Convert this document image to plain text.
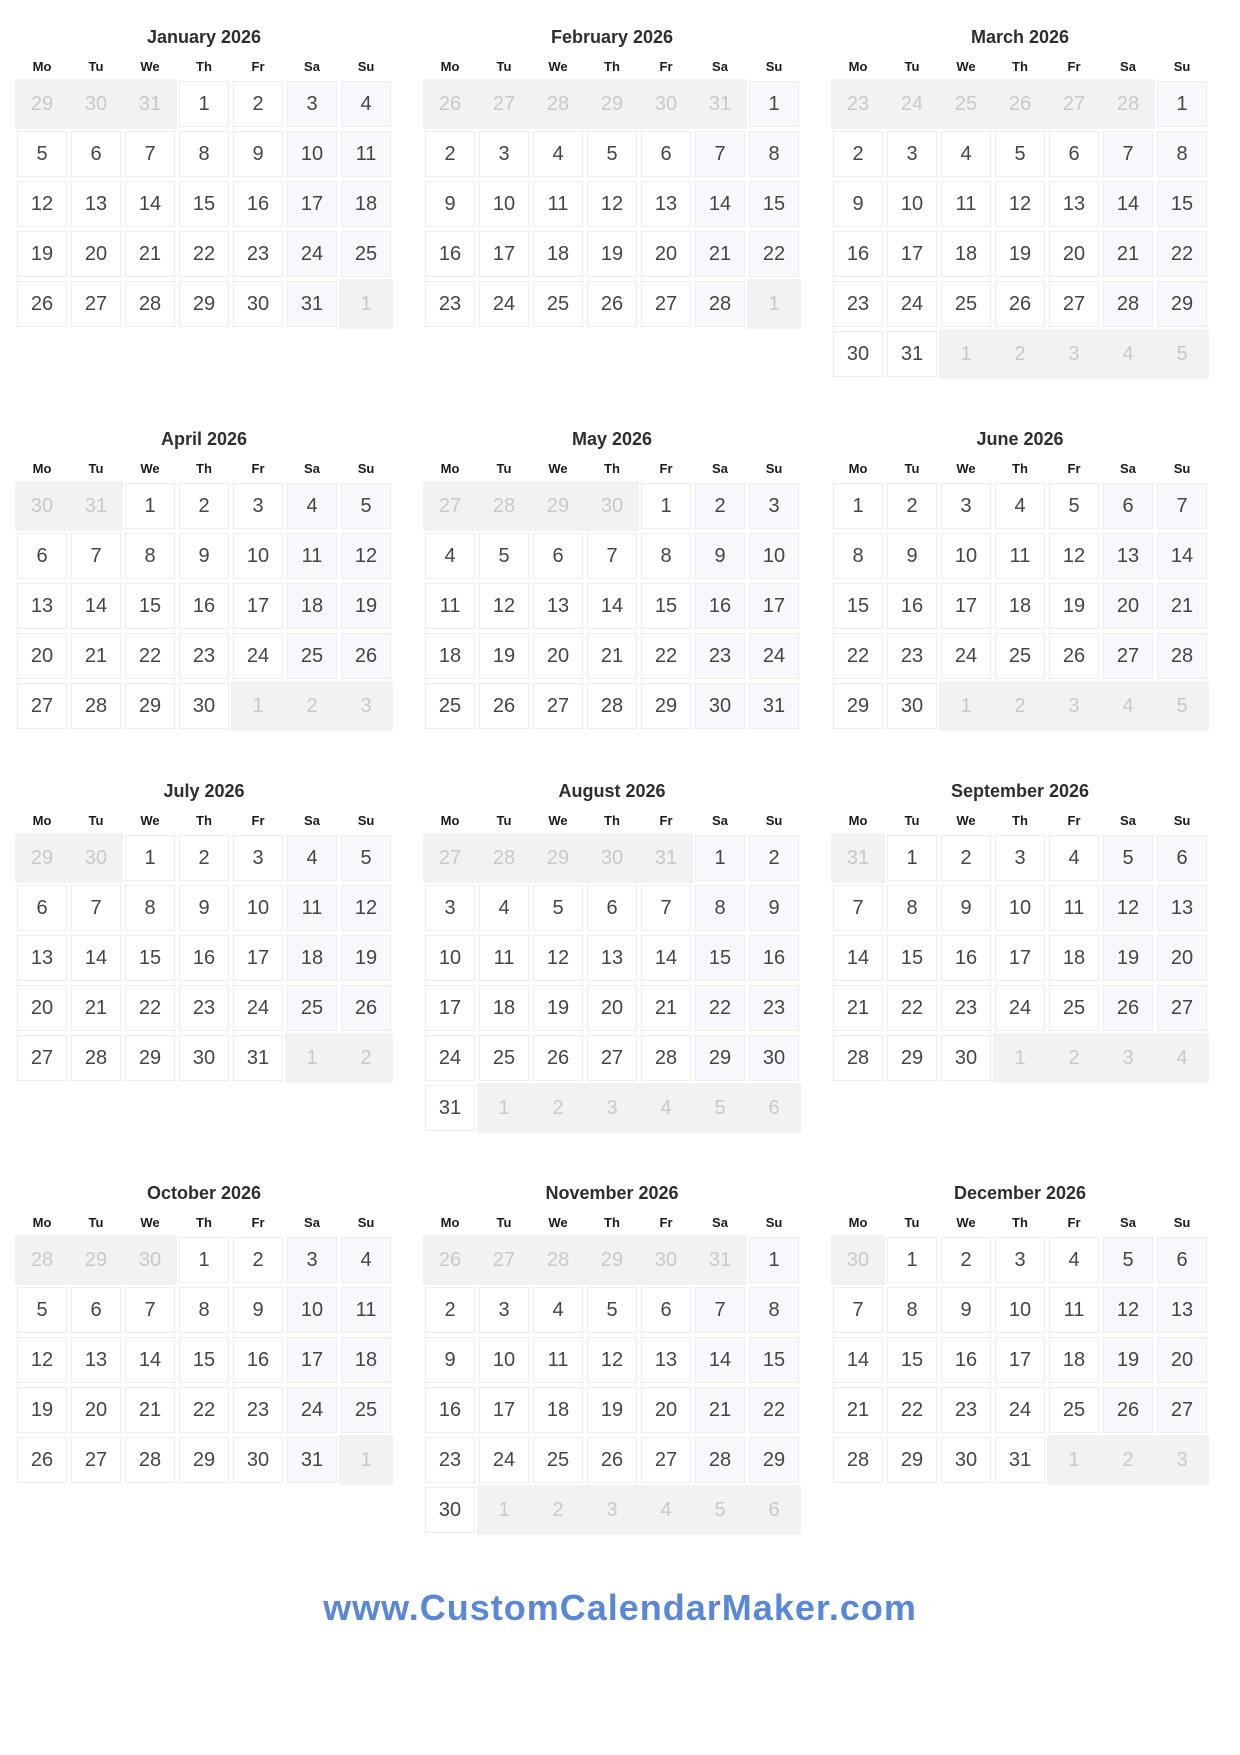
January 2026
Mo	Tu	We	Th	Fr	Sa	Su
29	30	31	1	2	3	4
5	6	7	8	9	10	11
12	13	14	15	16	17	18
19	20	21	22	23	24	25
26	27	28	29	30	31	1
February 2026
Mo	Tu	We	Th	Fr	Sa	Su
26	27	28	29	30	31	1
2	3	4	5	6	7	8
9	10	11	12	13	14	15
16	17	18	19	20	21	22
23	24	25	26	27	28	1
March 2026
Mo	Tu	We	Th	Fr	Sa	Su
23	24	25	26	27	28	1
2	3	4	5	6	7	8
9	10	11	12	13	14	15
16	17	18	19	20	21	22
23	24	25	26	27	28	29
30	31	1	2	3	4	5
April 2026
Mo	Tu	We	Th	Fr	Sa	Su
30	31	1	2	3	4	5
6	7	8	9	10	11	12
13	14	15	16	17	18	19
20	21	22	23	24	25	26
27	28	29	30	1	2	3
May 2026
Mo	Tu	We	Th	Fr	Sa	Su
27	28	29	30	1	2	3
4	5	6	7	8	9	10
11	12	13	14	15	16	17
18	19	20	21	22	23	24
25	26	27	28	29	30	31
June 2026
Mo	Tu	We	Th	Fr	Sa	Su
1	2	3	4	5	6	7
8	9	10	11	12	13	14
15	16	17	18	19	20	21
22	23	24	25	26	27	28
29	30	1	2	3	4	5
July 2026
Mo	Tu	We	Th	Fr	Sa	Su
29	30	1	2	3	4	5
6	7	8	9	10	11	12
13	14	15	16	17	18	19
20	21	22	23	24	25	26
27	28	29	30	31	1	2
August 2026
Mo	Tu	We	Th	Fr	Sa	Su
27	28	29	30	31	1	2
3	4	5	6	7	8	9
10	11	12	13	14	15	16
17	18	19	20	21	22	23
24	25	26	27	28	29	30
31	1	2	3	4	5	6
September 2026
Mo	Tu	We	Th	Fr	Sa	Su
31	1	2	3	4	5	6
7	8	9	10	11	12	13
14	15	16	17	18	19	20
21	22	23	24	25	26	27
28	29	30	1	2	3	4
October 2026
Mo	Tu	We	Th	Fr	Sa	Su
28	29	30	1	2	3	4
5	6	7	8	9	10	11
12	13	14	15	16	17	18
19	20	21	22	23	24	25
26	27	28	29	30	31	1
November 2026
Mo	Tu	We	Th	Fr	Sa	Su
26	27	28	29	30	31	1
2	3	4	5	6	7	8
9	10	11	12	13	14	15
16	17	18	19	20	21	22
23	24	25	26	27	28	29
30	1	2	3	4	5	6
December 2026
Mo	Tu	We	Th	Fr	Sa	Su
30	1	2	3	4	5	6
7	8	9	10	11	12	13
14	15	16	17	18	19	20
21	22	23	24	25	26	27
28	29	30	31	1	2	3
www.CustomCalendarMaker.com
